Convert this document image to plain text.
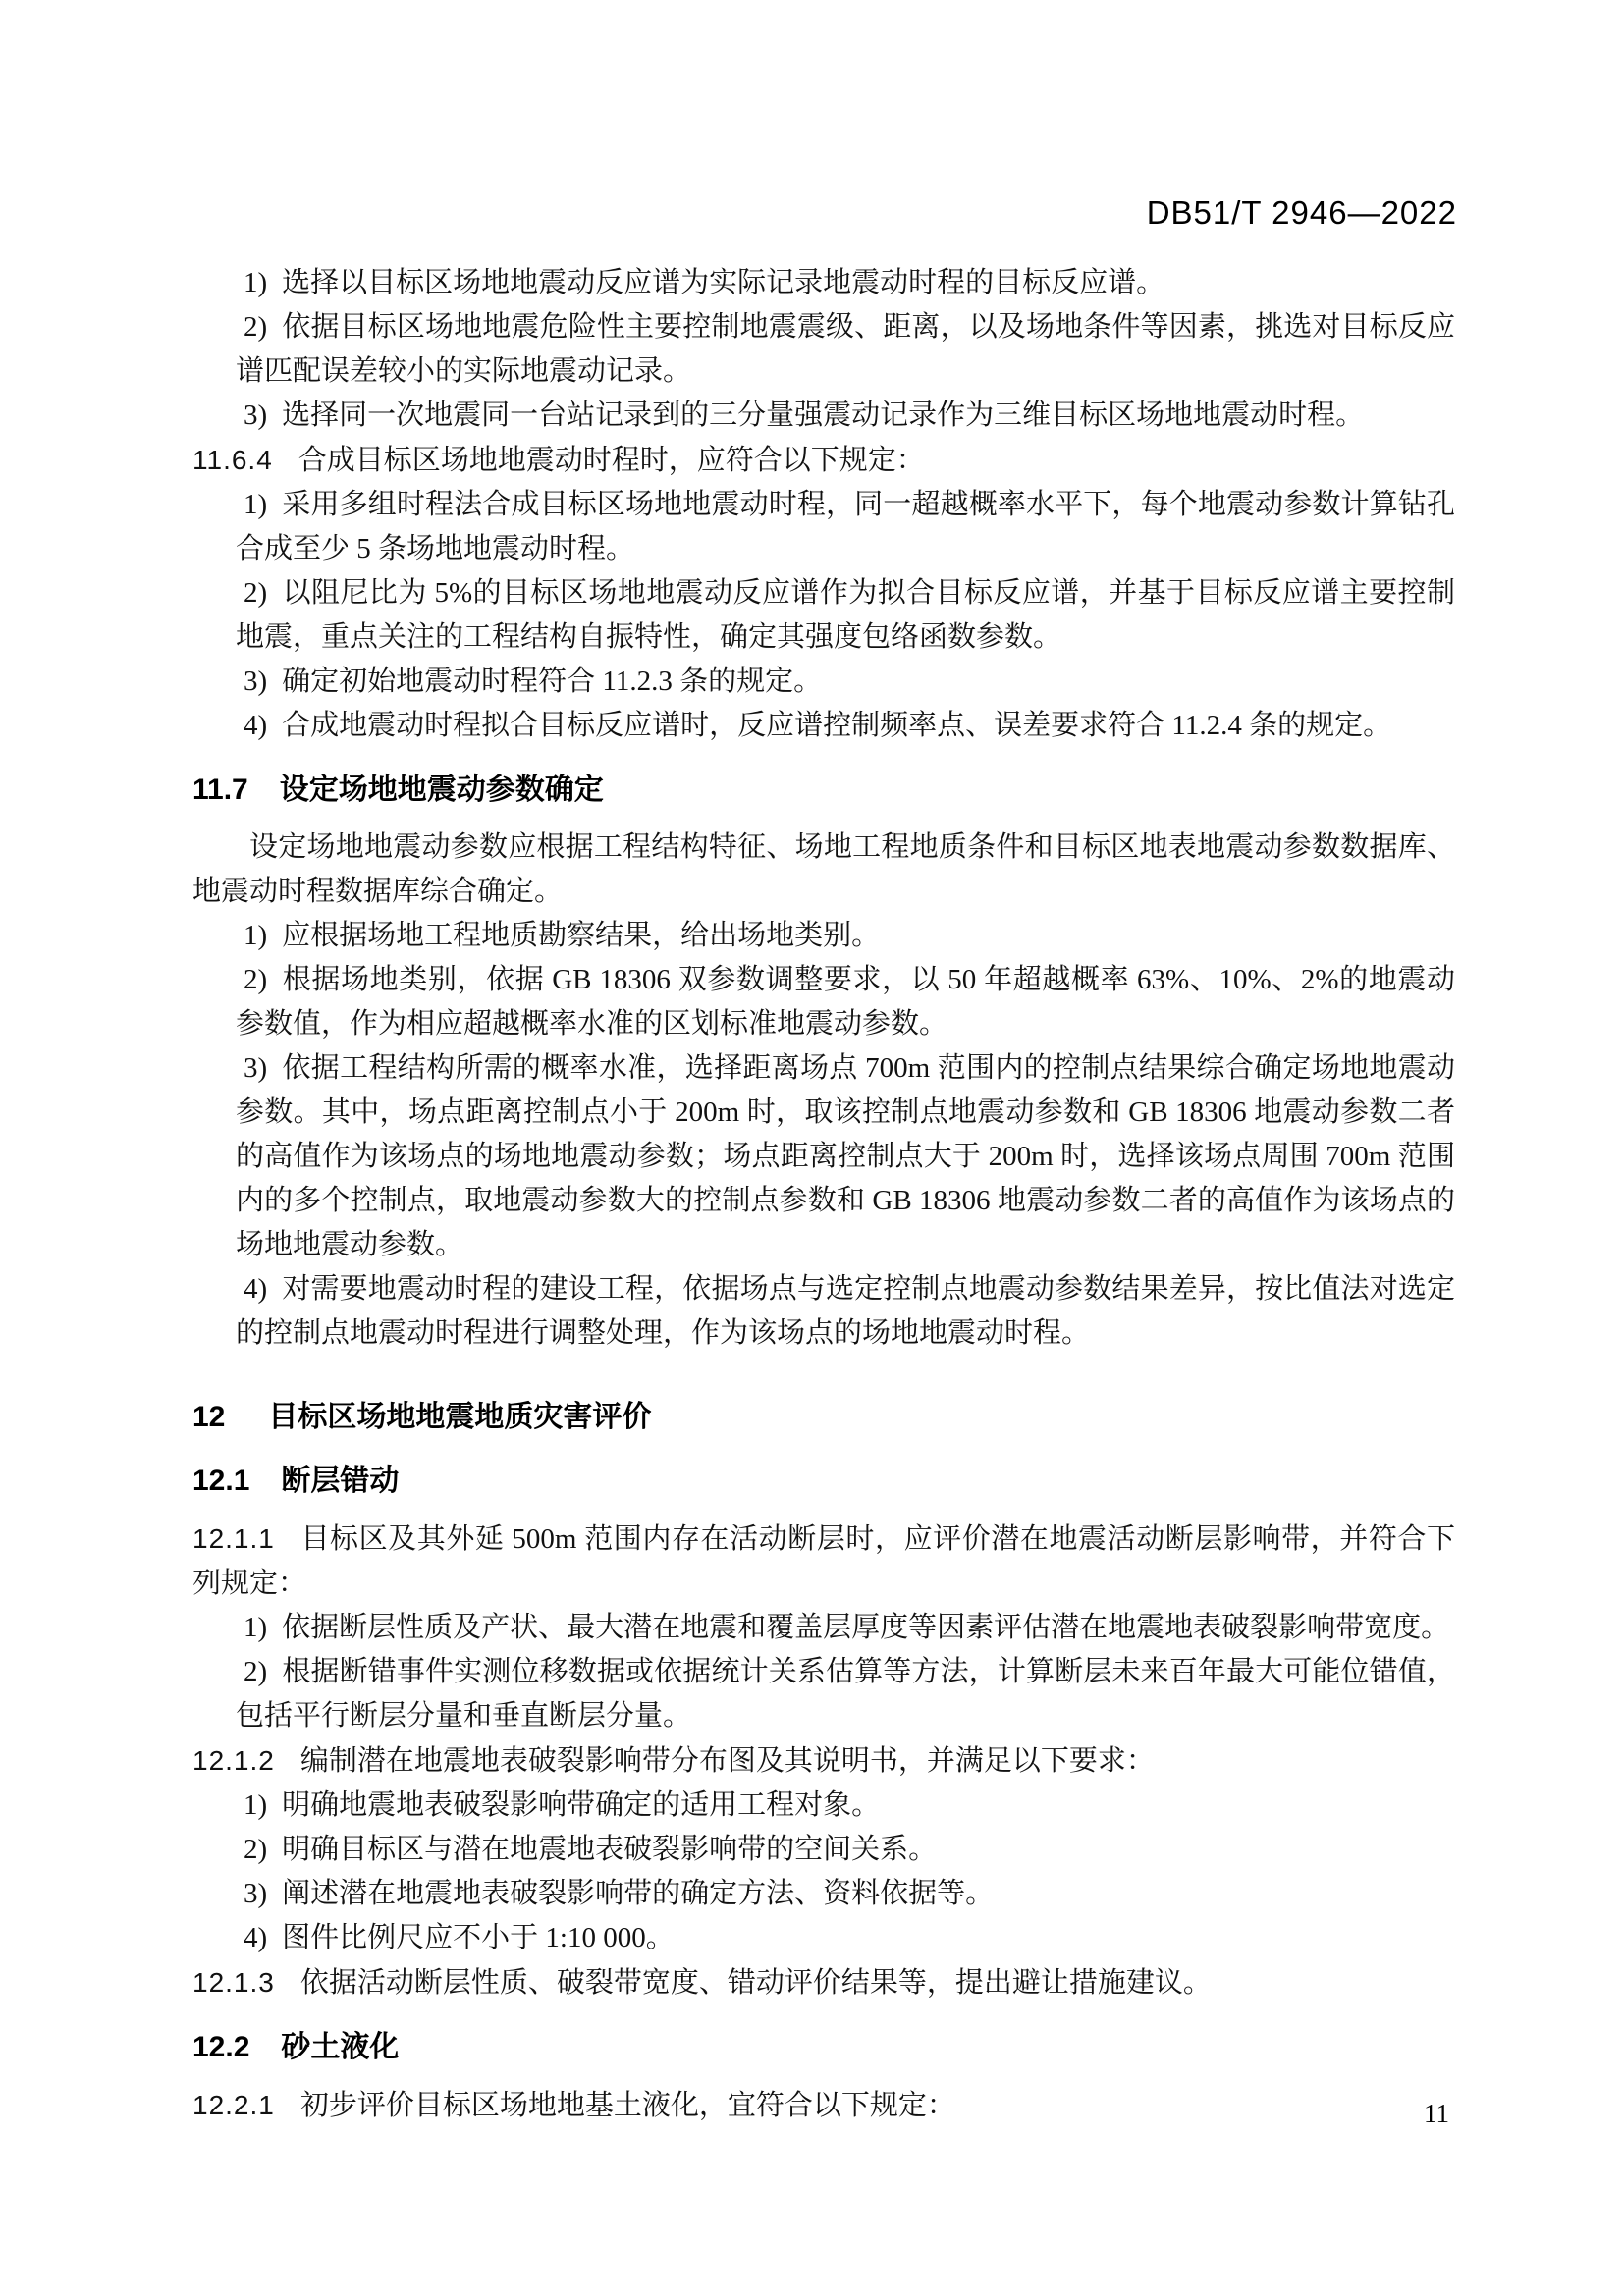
DB51/T 2946—2022
1) 选择以目标区场地地震动反应谱为实际记录地震动时程的目标反应谱。
2) 依据目标区场地地震危险性主要控制地震震级、距离，以及场地条件等因素，挑选对目标反应谱匹配误差较小的实际地震动记录。
3) 选择同一次地震同一台站记录到的三分量强震动记录作为三维目标区场地地震动时程。
11.6.4 合成目标区场地地震动时程时，应符合以下规定：
1) 采用多组时程法合成目标区场地地震动时程，同一超越概率水平下，每个地震动参数计算钻孔合成至少 5 条场地地震动时程。
2) 以阻尼比为 5%的目标区场地地震动反应谱作为拟合目标反应谱，并基于目标反应谱主要控制地震，重点关注的工程结构自振特性，确定其强度包络函数参数。
3) 确定初始地震动时程符合 11.2.3 条的规定。
4) 合成地震动时程拟合目标反应谱时，反应谱控制频率点、误差要求符合 11.2.4 条的规定。
11.7 设定场地地震动参数确定
设定场地地震动参数应根据工程结构特征、场地工程地质条件和目标区地表地震动参数数据库、地震动时程数据库综合确定。
1) 应根据场地工程地质勘察结果，给出场地类别。
2) 根据场地类别，依据 GB 18306 双参数调整要求，以 50 年超越概率 63%、10%、2%的地震动参数值，作为相应超越概率水准的区划标准地震动参数。
3) 依据工程结构所需的概率水准，选择距离场点 700m 范围内的控制点结果综合确定场地地震动参数。其中，场点距离控制点小于 200m 时，取该控制点地震动参数和 GB 18306 地震动参数二者的高值作为该场点的场地地震动参数；场点距离控制点大于 200m 时，选择该场点周围 700m 范围内的多个控制点，取地震动参数大的控制点参数和 GB 18306 地震动参数二者的高值作为该场点的场地地震动参数。
4) 对需要地震动时程的建设工程，依据场点与选定控制点地震动参数结果差异，按比值法对选定的控制点地震动时程进行调整处理，作为该场点的场地地震动时程。
12 目标区场地地震地质灾害评价
12.1 断层错动
12.1.1 目标区及其外延 500m 范围内存在活动断层时，应评价潜在地震活动断层影响带，并符合下列规定：
1) 依据断层性质及产状、最大潜在地震和覆盖层厚度等因素评估潜在地震地表破裂影响带宽度。
2) 根据断错事件实测位移数据或依据统计关系估算等方法，计算断层未来百年最大可能位错值，包括平行断层分量和垂直断层分量。
12.1.2 编制潜在地震地表破裂影响带分布图及其说明书，并满足以下要求：
1) 明确地震地表破裂影响带确定的适用工程对象。
2) 明确目标区与潜在地震地表破裂影响带的空间关系。
3) 阐述潜在地震地表破裂影响带的确定方法、资料依据等。
4) 图件比例尺应不小于 1:10 000。
12.1.3 依据活动断层性质、破裂带宽度、错动评价结果等，提出避让措施建议。
12.2 砂土液化
12.2.1 初步评价目标区场地地基土液化，宜符合以下规定：	11
